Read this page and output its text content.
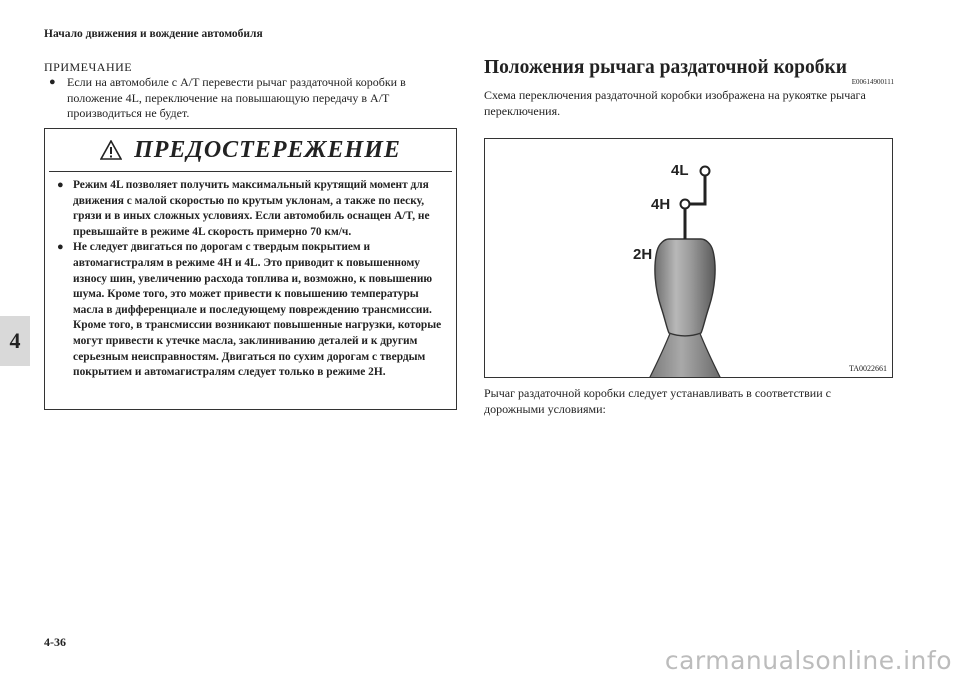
Начало движения и вождение автомобиля
4
ПРИМЕЧАНИЕ
● Если на автомобиле с A/T перевести рычаг раздаточной коробки в положение 4L, переключение на повышающую передачу в A/T производиться не будет.
ПРЕДОСТЕРЕЖЕНИЕ
● Режим 4L позволяет получить максимальный крутящий момент для движения с малой скоростью по крутым уклонам, а также по песку, грязи и в иных сложных условиях. Если автомобиль оснащен A/T, не превышайте в режиме 4L скорость примерно 70 км/ч.
● Не следует двигаться по дорогам с твердым покрытием и автомагистралям в режиме 4H и 4L. Это приводит к повышенному износу шин, увеличению расхода топлива и, возможно, к повышению шума. Кроме того, это может привести к повышению температуры масла в дифференциале и последующему повреждению трансмиссии. Кроме того, в трансмиссии возникают повышенные нагрузки, которые могут привести к утечке масла, заклиниванию деталей и к другим серьезным неисправностям. Двигаться по сухим дорогам с твердым покрытием и автомагистралям следует только в режиме 2H.
Положения рычага раздаточной коробки
E00614900111
Схема переключения раздаточной коробки изображена на рукоятке рычага переключения.
4L
4H
2H
TA0022661
Рычаг раздаточной коробки следует устанавливать в соответствии с дорожными условиями:
4-36
carmanualsonline.info
